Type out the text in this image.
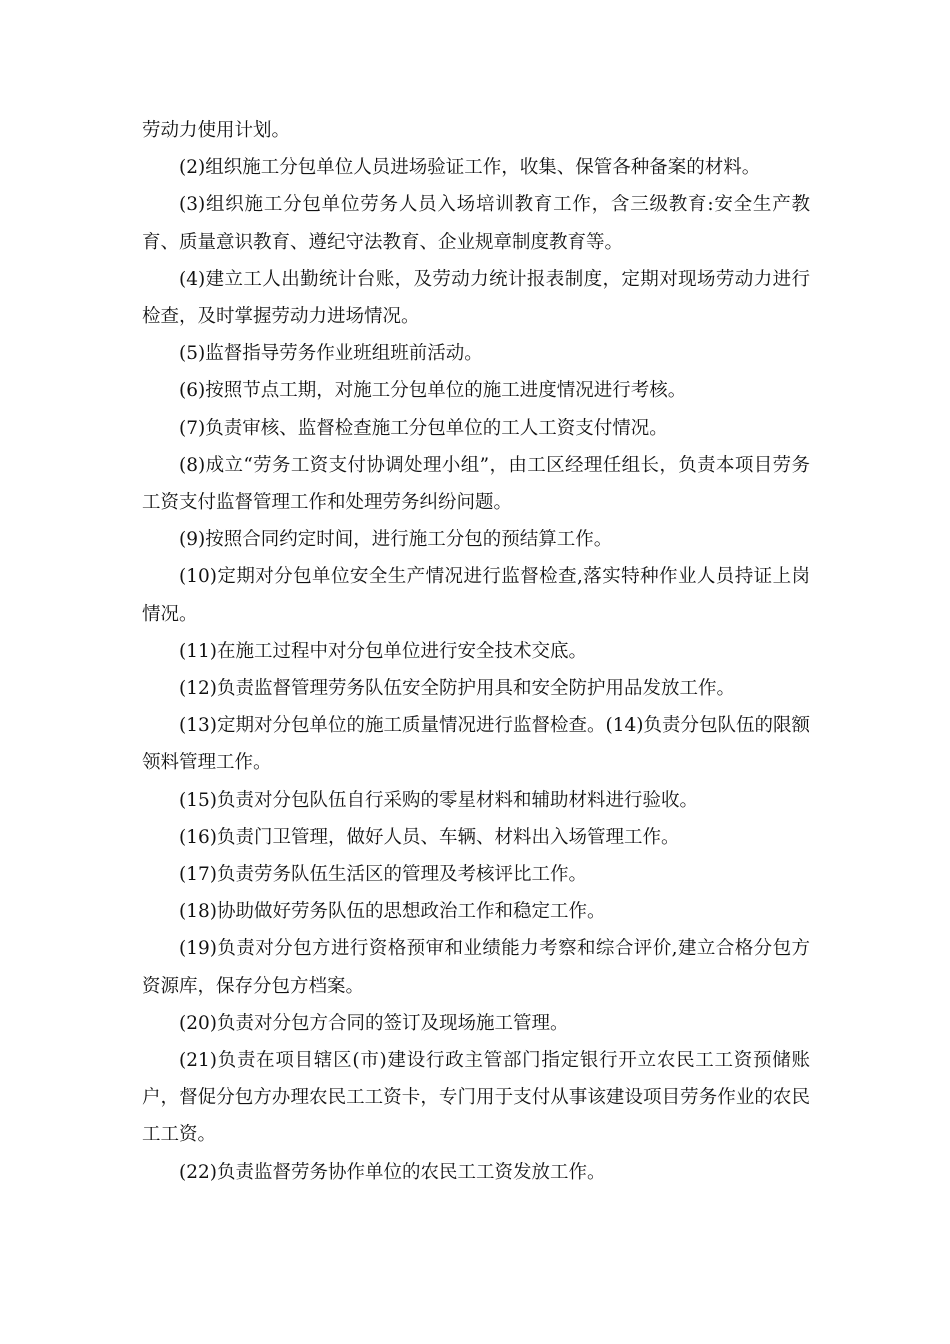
劳动力使用计划。

(2)组织施工分包单位人员进场验证工作，收集、保管各种备案的材料。

(3)组织施工分包单位劳务人员入场培训教育工作，含三级教育:安全生产教育、质量意识教育、遵纪守法教育、企业规章制度教育等。

(4)建立工人出勤统计台账，及劳动力统计报表制度，定期对现场劳动力进行检查，及时掌握劳动力进场情况。

(5)监督指导劳务作业班组班前活动。

(6)按照节点工期，对施工分包单位的施工进度情况进行考核。

(7)负责审核、监督检查施工分包单位的工人工资支付情况。

(8)成立“劳务工资支付协调处理小组”，由工区经理任组长，负责本项目劳务工资支付监督管理工作和处理劳务纠纷问题。

(9)按照合同约定时间，进行施工分包的预结算工作。

(10)定期对分包单位安全生产情况进行监督检查,落实特种作业人员持证上岗情况。

(11)在施工过程中对分包单位进行安全技术交底。

(12)负责监督管理劳务队伍安全防护用具和安全防护用品发放工作。

(13)定期对分包单位的施工质量情况进行监督检查。(14)负责分包队伍的限额领料管理工作。

(15)负责对分包队伍自行采购的零星材料和辅助材料进行验收。

(16)负责门卫管理，做好人员、车辆、材料出入场管理工作。

(17)负责劳务队伍生活区的管理及考核评比工作。

(18)协助做好劳务队伍的思想政治工作和稳定工作。

(19)负责对分包方进行资格预审和业绩能力考察和综合评价,建立合格分包方资源库，保存分包方档案。

(20)负责对分包方合同的签订及现场施工管理。

(21)负责在项目辖区(市)建设行政主管部门指定银行开立农民工工资预储账户，督促分包方办理农民工工资卡，专门用于支付从事该建设项目劳务作业的农民工工资。

(22)负责监督劳务协作单位的农民工工资发放工作。
